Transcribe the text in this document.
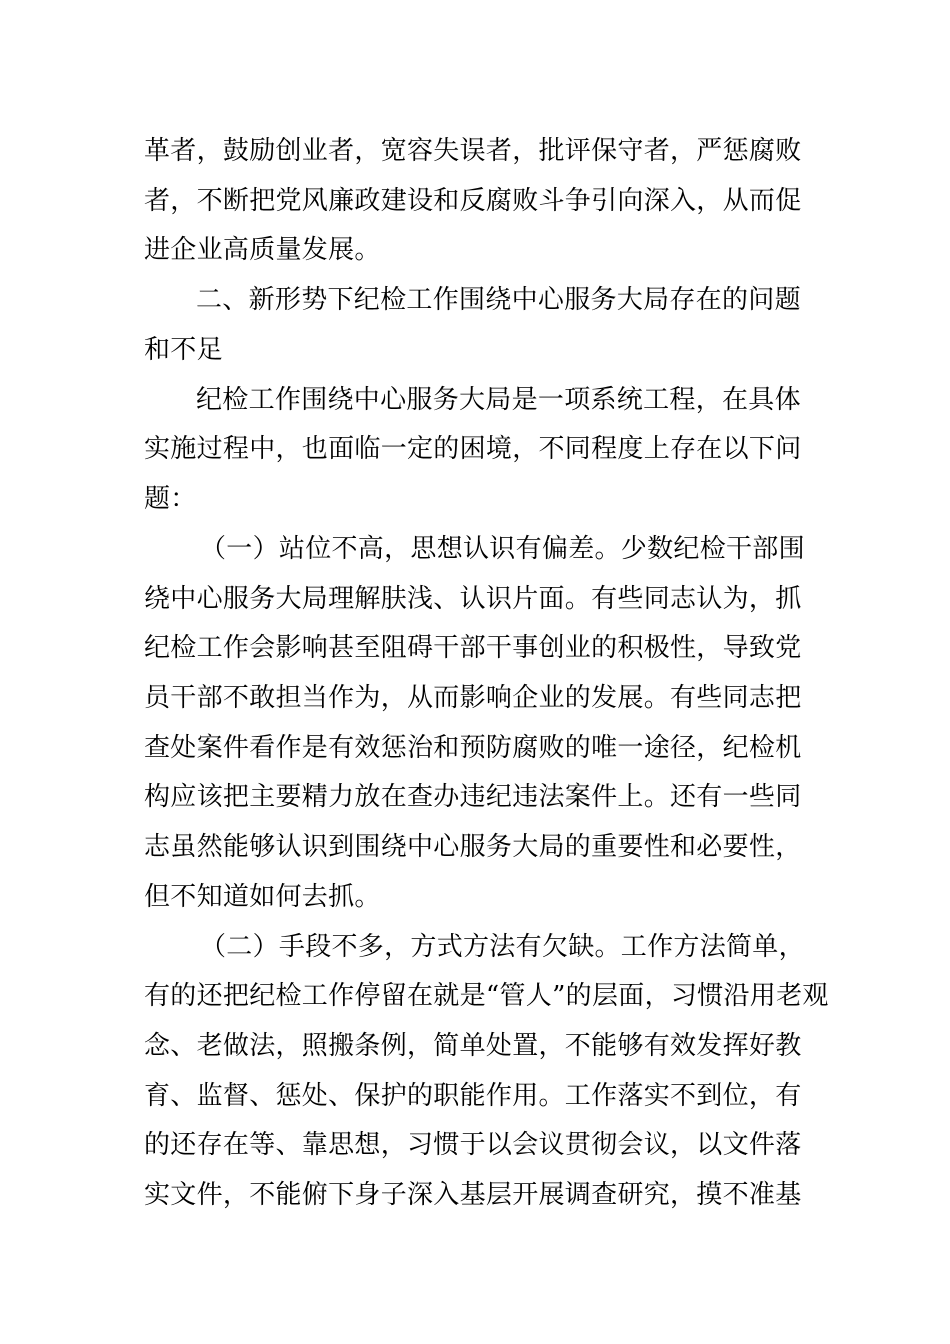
革者，鼓励创业者，宽容失误者，批评保守者，严惩腐败
者，不断把党风廉政建设和反腐败斗争引向深入，从而促
进企业高质量发展。
二、新形势下纪检工作围绕中心服务大局存在的问题
和不足
纪检工作围绕中心服务大局是一项系统工程，在具体
实施过程中，也面临一定的困境，不同程度上存在以下问
题：
（一）站位不高，思想认识有偏差。少数纪检干部围
绕中心服务大局理解肤浅、认识片面。有些同志认为，抓
纪检工作会影响甚至阻碍干部干事创业的积极性，导致党
员干部不敢担当作为，从而影响企业的发展。有些同志把
查处案件看作是有效惩治和预防腐败的唯一途径，纪检机
构应该把主要精力放在查办违纪违法案件上。还有一些同
志虽然能够认识到围绕中心服务大局的重要性和必要性，
但不知道如何去抓。
（二）手段不多，方式方法有欠缺。工作方法简单，
有的还把纪检工作停留在就是“管人”的层面，习惯沿用老观
念、老做法，照搬条例，简单处置，不能够有效发挥好教
育、监督、惩处、保护的职能作用。工作落实不到位，有
的还存在等、靠思想，习惯于以会议贯彻会议，以文件落
实文件，不能俯下身子深入基层开展调查研究，摸不准基
